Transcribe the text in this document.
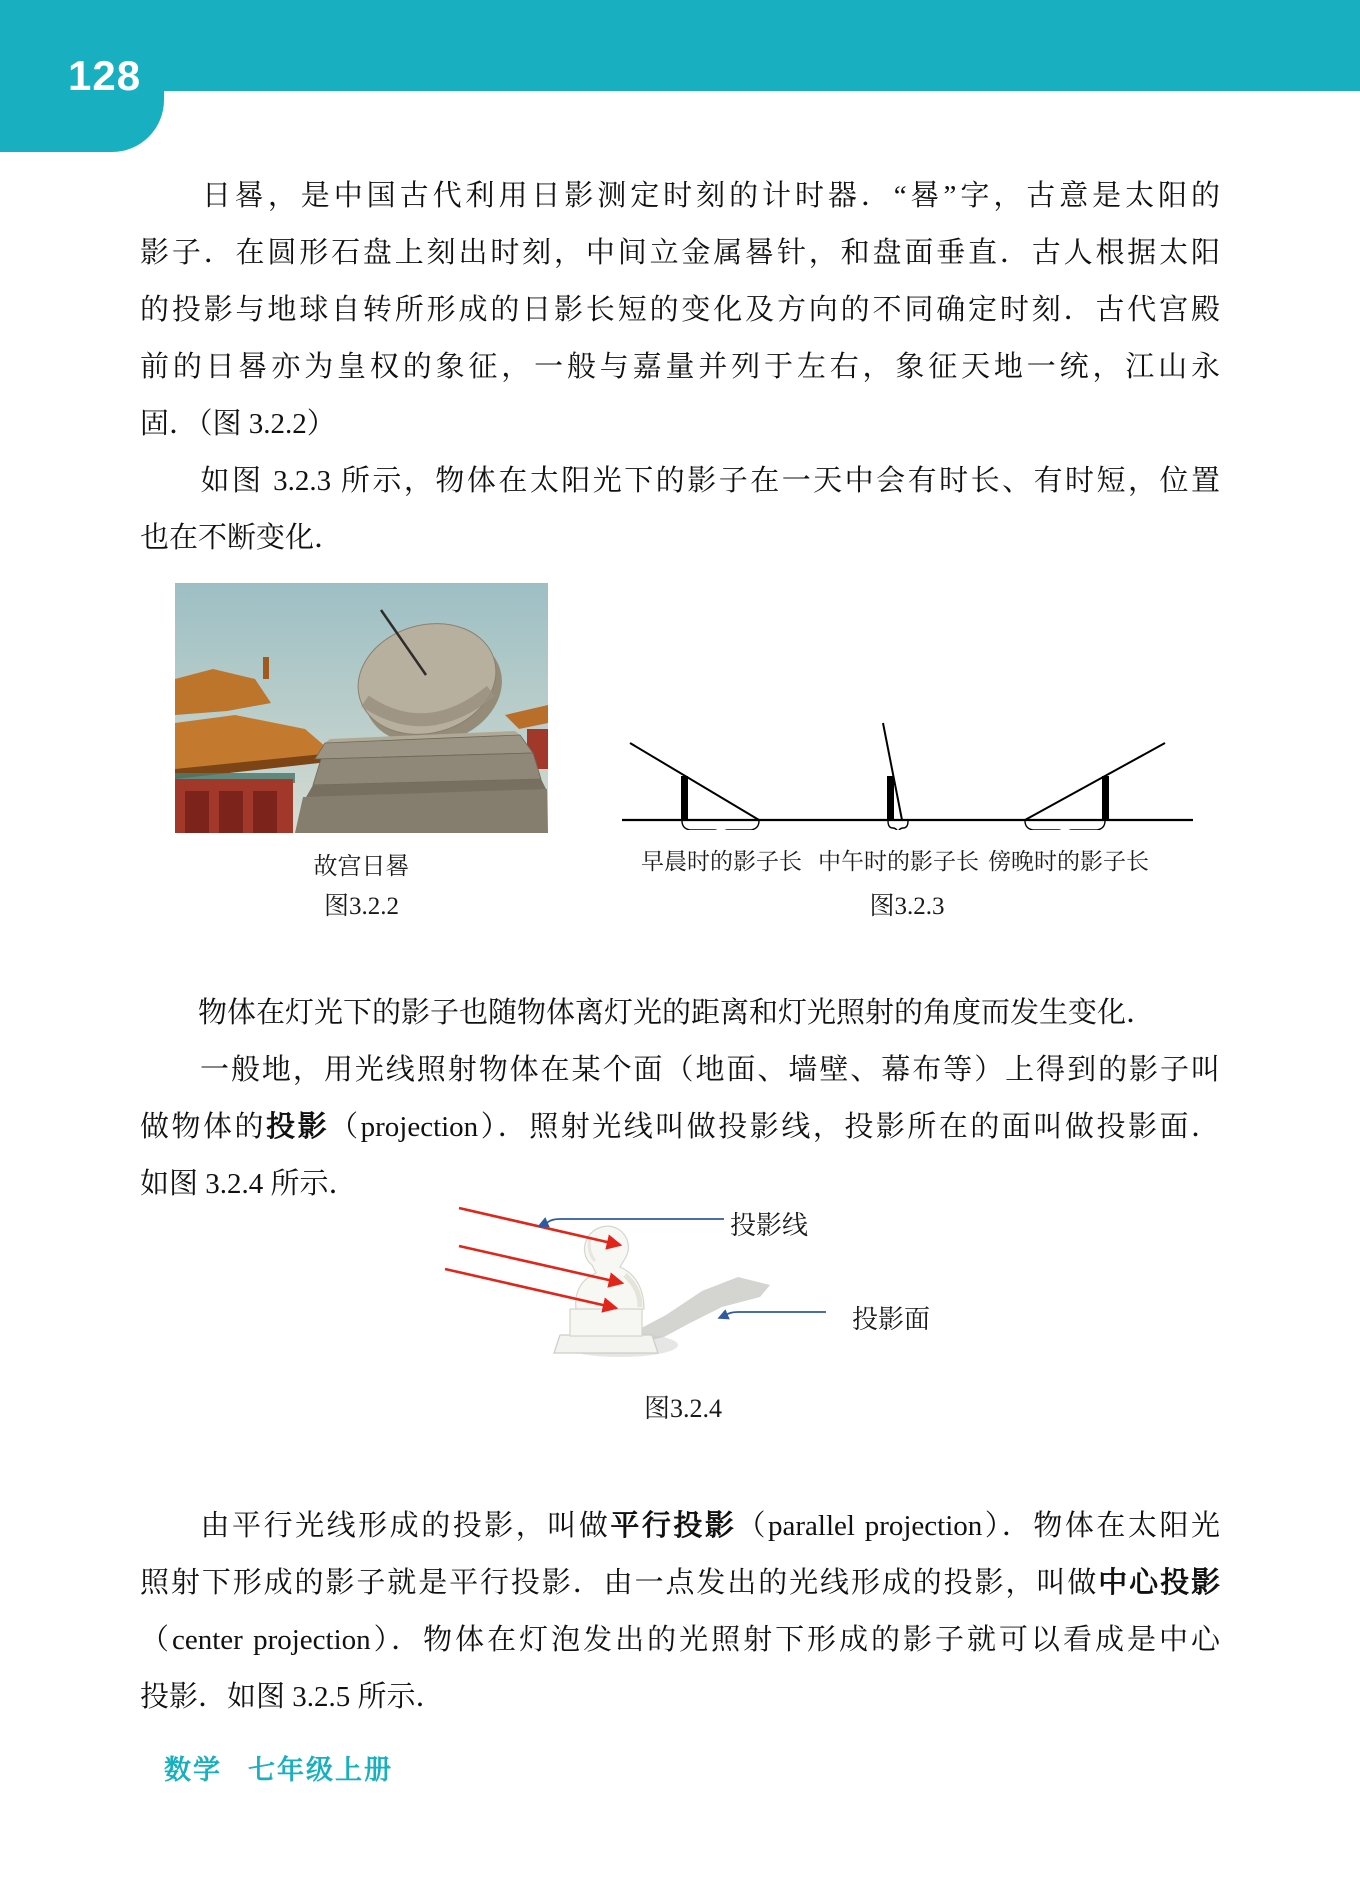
128
日晷，是中国古代利用日影测定时刻的计时器．“晷”字，古意是太阳的
影子．在圆形石盘上刻出时刻，中间立金属晷针，和盘面垂直．古人根据太阳
的投影与地球自转所形成的日影长短的变化及方向的不同确定时刻．古代宫殿
前的日晷亦为皇权的象征，一般与嘉量并列于左右，象征天地一统，江山永
固．（图 3.2.2）
如图 3.2.3 所示，物体在太阳光下的影子在一天中会有时长、有时短，位置
也在不断变化．
故宫日晷
图3.2.2
早晨时的影子长 中午时的影子长 傍晚时的影子长
图3.2.3
投影线
投影面
图3.2.4
物体在灯光下的影子也随物体离灯光的距离和灯光照射的角度而发生变化．
一般地，用光线照射物体在某个面（地面、墙壁、幕布等）上得到的影子叫
做物体的投影（projection）．照射光线叫做投影线，投影所在的面叫做投影面．
如图 3.2.4 所示．
由平行光线形成的投影，叫做平行投影（parallel projection）．物体在太阳光
照射下形成的影子就是平行投影．由一点发出的光线形成的投影，叫做中心投影
（center projection）．物体在灯泡发出的光照射下形成的影子就可以看成是中心
投影．如图 3.2.5 所示．
数学 七年级上册
